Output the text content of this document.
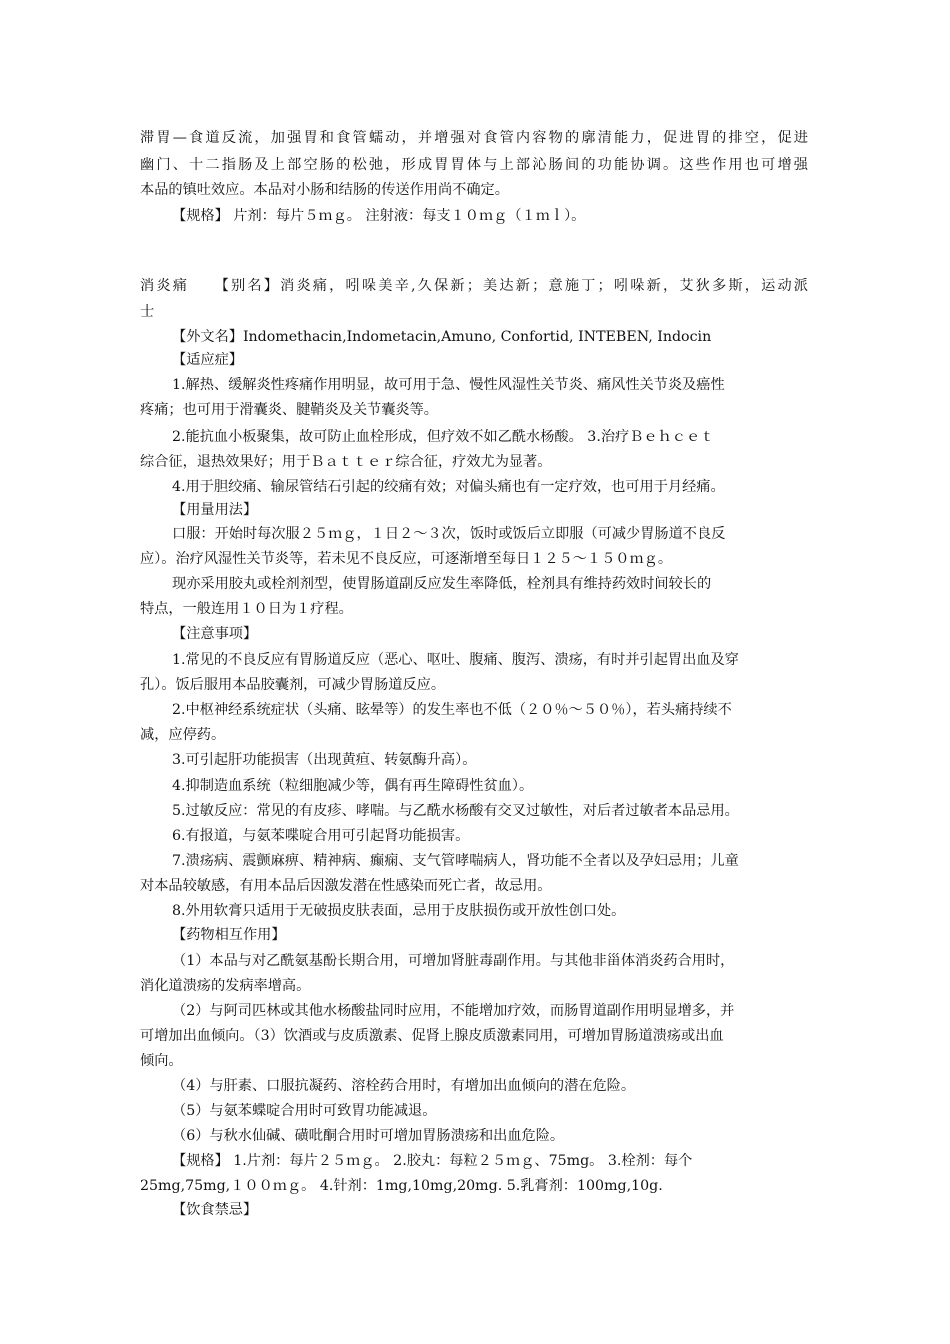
滞胃—食道反流，加强胃和食管蠕动，并增强对食管内容物的廓清能力，促进胃的排空，促进
幽门、十二指肠及上部空肠的松弛，形成胃胃体与上部沁肠间的功能协调。这些作用也可增强
本品的镇吐效应。本品对小肠和结肠的传送作用尚不确定。
【规格】 片剂：每片５ｍｇ。 注射液：每支１０ｍｇ（１ｍｌ）。
消炎痛　　【别名】消炎痛，吲哚美辛,久保新；美达新；意施丁；吲哚新，艾狄多斯，运动派
士
【外文名】Indomethacin,Indometacin,Amuno, Confortid, INTEBEN, Indocin
【适应症】
1.解热、缓解炎性疼痛作用明显，故可用于急、慢性风湿性关节炎、痛风性关节炎及癌性
疼痛；也可用于滑囊炎、腱鞘炎及关节囊炎等。
2.能抗血小板聚集，故可防止血栓形成，但疗效不如乙酰水杨酸。 3.治疗Ｂｅｈｃｅｔ
综合征，退热效果好；用于Ｂａｔｔｅｒ综合征，疗效尤为显著。
4.用于胆绞痛、输尿管结石引起的绞痛有效；对偏头痛也有一定疗效，也可用于月经痛。
【用量用法】
口服：开始时每次服２５ｍｇ，１日２～３次，饭时或饭后立即服（可减少胃肠道不良反
应）。治疗风湿性关节炎等，若未见不良反应，可逐渐增至每日１２５～１５０ｍｇ。
现亦采用胶丸或栓剂剂型，使胃肠道副反应发生率降低，栓剂具有维持药效时间较长的
特点，一般连用１０日为１疗程。
【注意事项】
1.常见的不良反应有胃肠道反应（恶心、呕吐、腹痛、腹泻、溃疡，有时并引起胃出血及穿
孔）。饭后服用本品胶囊剂，可减少胃肠道反应。
2.中枢神经系统症状（头痛、眩晕等）的发生率也不低（２０％～５０％），若头痛持续不
减，应停药。
3.可引起肝功能损害（出现黄疸、转氨酶升高）。
4.抑制造血系统（粒细胞减少等，偶有再生障碍性贫血）。
5.过敏反应：常见的有皮疹、哮喘。与乙酰水杨酸有交叉过敏性，对后者过敏者本品忌用。
6.有报道，与氨苯喋啶合用可引起肾功能损害。
7.溃疡病、震颤麻痹、精神病、癫痫、支气管哮喘病人，肾功能不全者以及孕妇忌用；儿童
对本品较敏感，有用本品后因激发潜在性感染而死亡者，故忌用。
8.外用软膏只适用于无破损皮肤表面，忌用于皮肤损伤或开放性创口处。
【药物相互作用】
（1）本品与对乙酰氨基酚长期合用，可增加肾脏毒副作用。与其他非甾体消炎药合用时，
消化道溃疡的发病率增高。
（2）与阿司匹林或其他水杨酸盐同时应用，不能增加疗效，而肠胃道副作用明显增多，并
可增加出血倾向。（3）饮酒或与皮质激素、促肾上腺皮质激素同用，可增加胃肠道溃疡或出血
倾向。
（4）与肝素、口服抗凝药、溶栓药合用时，有增加出血倾向的潜在危险。
（5）与氨苯蝶啶合用时可致胃功能减退。
（6）与秋水仙碱、磺吡酮合用时可增加胃肠溃疡和出血危险。
【规格】 1.片剂：每片２５ｍｇ。 2.胶丸：每粒２５ｍｇ、75mg。 3.栓剂：每个
25mg,75mg,１００ｍｇ。 4.针剂：1mg,10mg,20mg. 5.乳膏剂：100mg,10g.
【饮食禁忌】
